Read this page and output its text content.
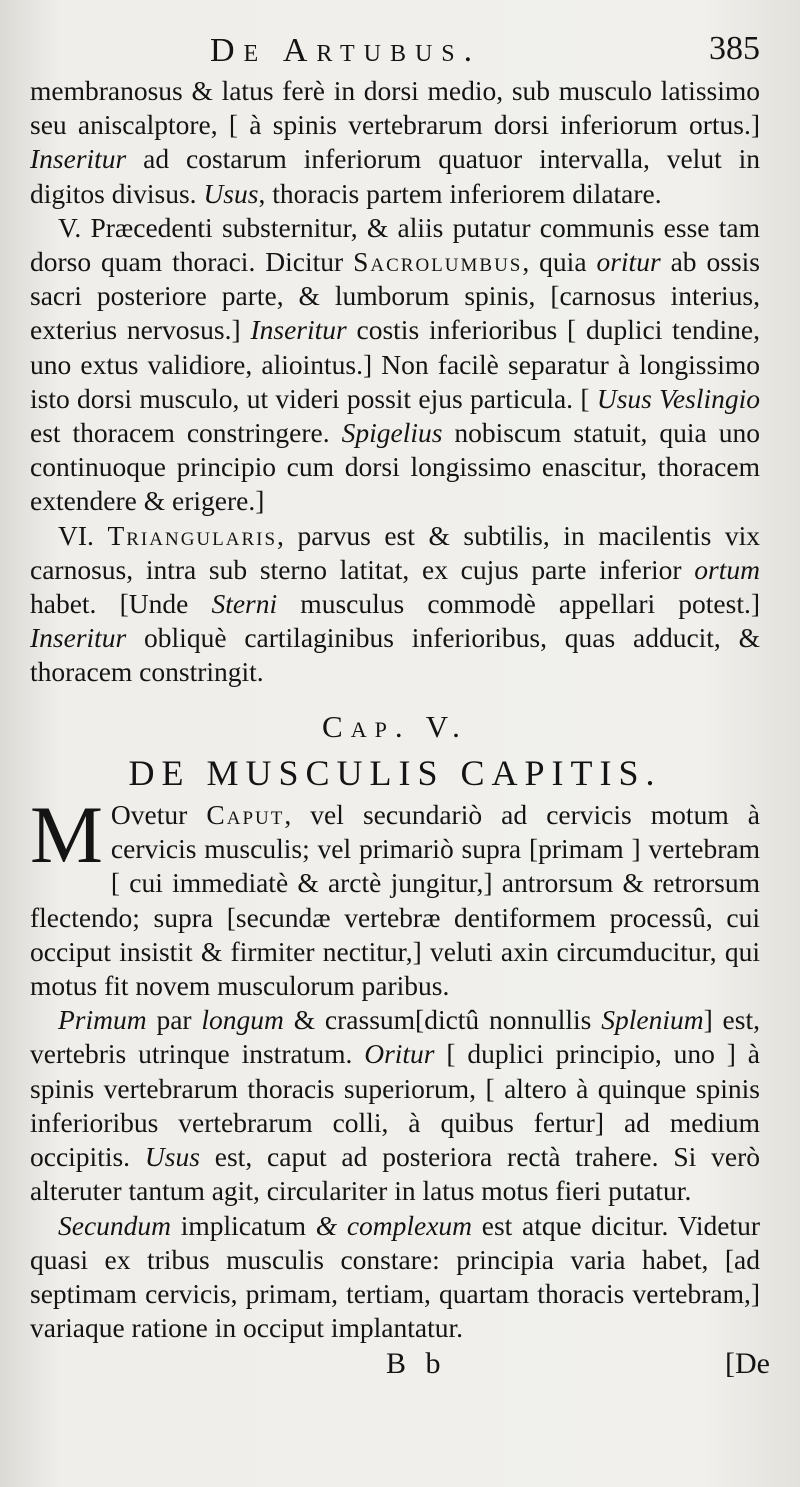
De Artubus.	385

membranosus & latus ferè in dorsi medio, sub musculo latissimo seu aniscalptore, [ à spinis vertebrarum dorsi inferiorum ortus.] Inseritur ad costarum inferiorum quatuor intervalla, velut in digitos divisus. Usus, thoracis partem inferiorem dilatare.

V. Præcedenti substernitur, & aliis putatur communis esse tam dorso quam thoraci. Dicitur Sacrolumbus, quia oritur ab ossis sacri posteriore parte, & lumborum spinis, [carnosus interius, exterius nervosus.] Inseritur costis inferioribus [ duplici tendine, uno extus validiore, aliointus.] Non facilè separatur à longissimo isto dorsi musculo, ut videri possit ejus particula. [ Usus Veslingio est thoracem constringere. Spigelius nobiscum statuit, quia uno continuoque principio cum dorsi longissimo enascitur, thoracem extendere & erigere.]

VI. Triangularis, parvus est & subtilis, in macilentis vix carnosus, intra sub sterno latitat, ex cujus parte inferior ortum habet. [Unde Sterni musculus commodè appellari potest.] Inseritur obliquè cartilaginibus inferioribus, quas adducit, & thoracem constringit.

Cap. V.
DE MUSCULIS CAPITIS.

M Ovetur Caput, vel secundariò ad cervicis motum à cervicis musculis; vel primariò supra [primam ] vertebram [ cui immediatè & arctè jungitur,] antrorsum & retrorsum flectendo; supra [secundæ vertebræ dentiformem processû, cui occiput insistit & firmiter nectitur,] veluti axin circumducitur, qui motus fit novem musculorum paribus.

Primum par longum & crassum[dictû nonnullis Splenium] est, vertebris utrinque instratum. Oritur [ duplici principio, uno ] à spinis vertebrarum thoracis superiorum, [ altero à quinque spinis inferioribus vertebrarum colli, à quibus fertur] ad medium occipitis. Usus est, caput ad posteriora rectà trahere. Si verò alteruter tantum agit, circulariter in latus motus fieri putatur.

Secundum implicatum & complexum est atque dicitur. Videtur quasi ex tribus musculis constare: principia varia habet, [ad septimam cervicis, primam, tertiam, quartam thoracis vertebram,] variaque ratione in occiput implantatur.

B b	[De
